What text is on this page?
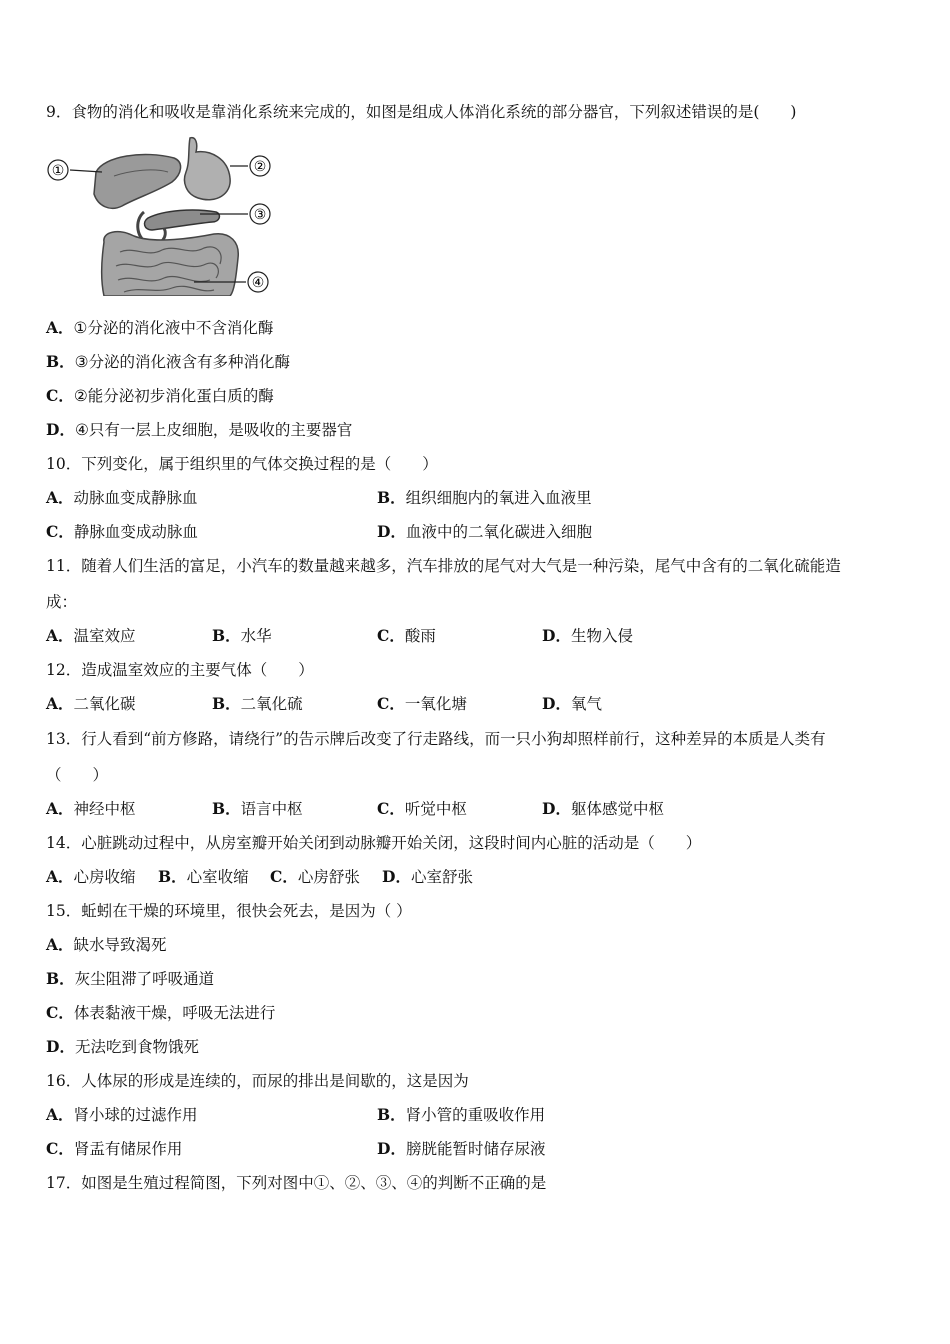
9．食物的消化和吸收是靠消化系统来完成的，如图是组成人体消化系统的部分器官，下列叙述错误的是(　　)
①	②
③
④
A．①分泌的消化液中不含消化酶
B．③分泌的消化液含有多种消化酶
C．②能分泌初步消化蛋白质的酶
D．④只有一层上皮细胞，是吸收的主要器官
10．下列变化，属于组织里的气体交换过程的是（　　）
A．动脉血变成静脉血	B．组织细胞内的氧进入血液里
C．静脉血变成动脉血	D．血液中的二氧化碳进入细胞
11．随着人们生活的富足，小汽车的数量越来越多，汽车排放的尾气对大气是一种污染，尾气中含有的二氧化硫能造
成：
A．温室效应	B．水华	C．酸雨	D．生物入侵
12．造成温室效应的主要气体（　　）
A．二氧化碳	B．二氧化硫	C．一氧化塘	D．氧气
13．行人看到“前方修路，请绕行”的告示牌后改变了行走路线，而一只小狗却照样前行，这种差异的本质是人类有
（　　）
A．神经中枢	B．语言中枢	C．听觉中枢	D．躯体感觉中枢
14．心脏跳动过程中，从房室瓣开始关闭到动脉瓣开始关闭，这段时间内心脏的活动是（　　）
A．心房收缩 B．心室收缩 C．心房舒张 D．心室舒张
15．蚯蚓在干燥的环境里，很快会死去，是因为（ ）
A．缺水导致渴死
B．灰尘阻滞了呼吸通道
C．体表黏液干燥，呼吸无法进行
D．无法吃到食物饿死
16．人体尿的形成是连续的，而尿的排出是间歇的，这是因为
A．肾小球的过滤作用	B．肾小管的重吸收作用
C．肾盂有储尿作用	D．膀胱能暂时储存尿液
17．如图是生殖过程简图，下列对图中①、②、③、④的判断不正确的是
